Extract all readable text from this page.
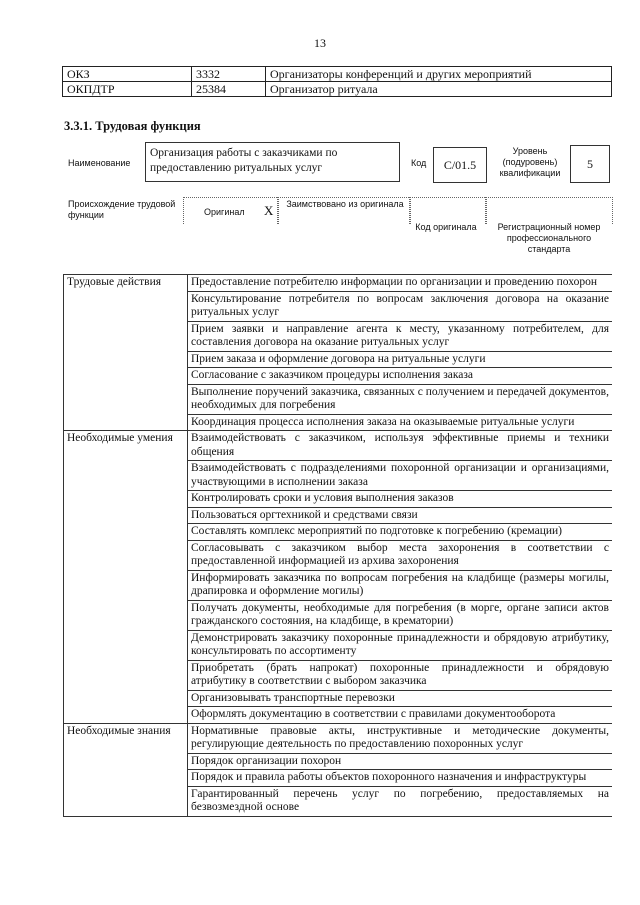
13
ОКЗ	3332	Организаторы конференций и других мероприятий
ОКПДТР	25384	Организатор ритуала
3.3.1. Трудовая функция
Наименование
Организация работы с заказчиками по предоставлению ритуальных услуг	Код	C/01.5
Уровень (подуровень) квалификации
5
Происхождение трудовой функции	Оригинал X Заимствовано из оригинала
Код оригинала	Регистрационный номер профессионального стандарта
Трудовые действия	Предоставление потребителю информации по организации и проведению похорон
	Консультирование потребителя по вопросам заключения договора на оказание ритуальных услуг
	Прием заявки и направление агента к месту, указанному потребителем, для составления договора на оказание ритуальных услуг
	Прием заказа и оформление договора на ритуальные услуги
	Согласование с заказчиком процедуры исполнения заказа
	Выполнение поручений заказчика, связанных с получением и передачей документов, необходимых для погребения
	Координация процесса исполнения заказа на оказываемые ритуальные услуги
Необходимые умения	Взаимодействовать с заказчиком, используя эффективные приемы и техники общения
	Взаимодействовать с подразделениями похоронной организации и организациями, участвующими в исполнении заказа
	Контролировать сроки и условия выполнения заказов
	Пользоваться оргтехникой и средствами связи
	Составлять комплекс мероприятий по подготовке к погребению (кремации)
	Согласовывать с заказчиком выбор места захоронения в соответствии с предоставленной информацией из архива захоронения
	Информировать заказчика по вопросам погребения на кладбище (размеры могилы, драпировка и оформление могилы)
	Получать документы, необходимые для погребения (в морге, органе записи актов гражданского состояния, на кладбище, в крематории)
	Демонстрировать заказчику похоронные принадлежности и обрядовую атрибутику, консультировать по ассортименту
	Приобретать (брать напрокат) похоронные принадлежности и обрядовую атрибутику в соответствии с выбором заказчика
	Организовывать транспортные перевозки
	Оформлять документацию в соответствии с правилами документооборота
Необходимые знания	Нормативные правовые акты, инструктивные и методические документы, регулирующие деятельность по предоставлению похоронных услуг
	Порядок организации похорон
	Порядок и правила работы объектов похоронного назначения и инфраструктуры
	Гарантированный перечень услуг по погребению, предоставляемых на безвозмездной основе
